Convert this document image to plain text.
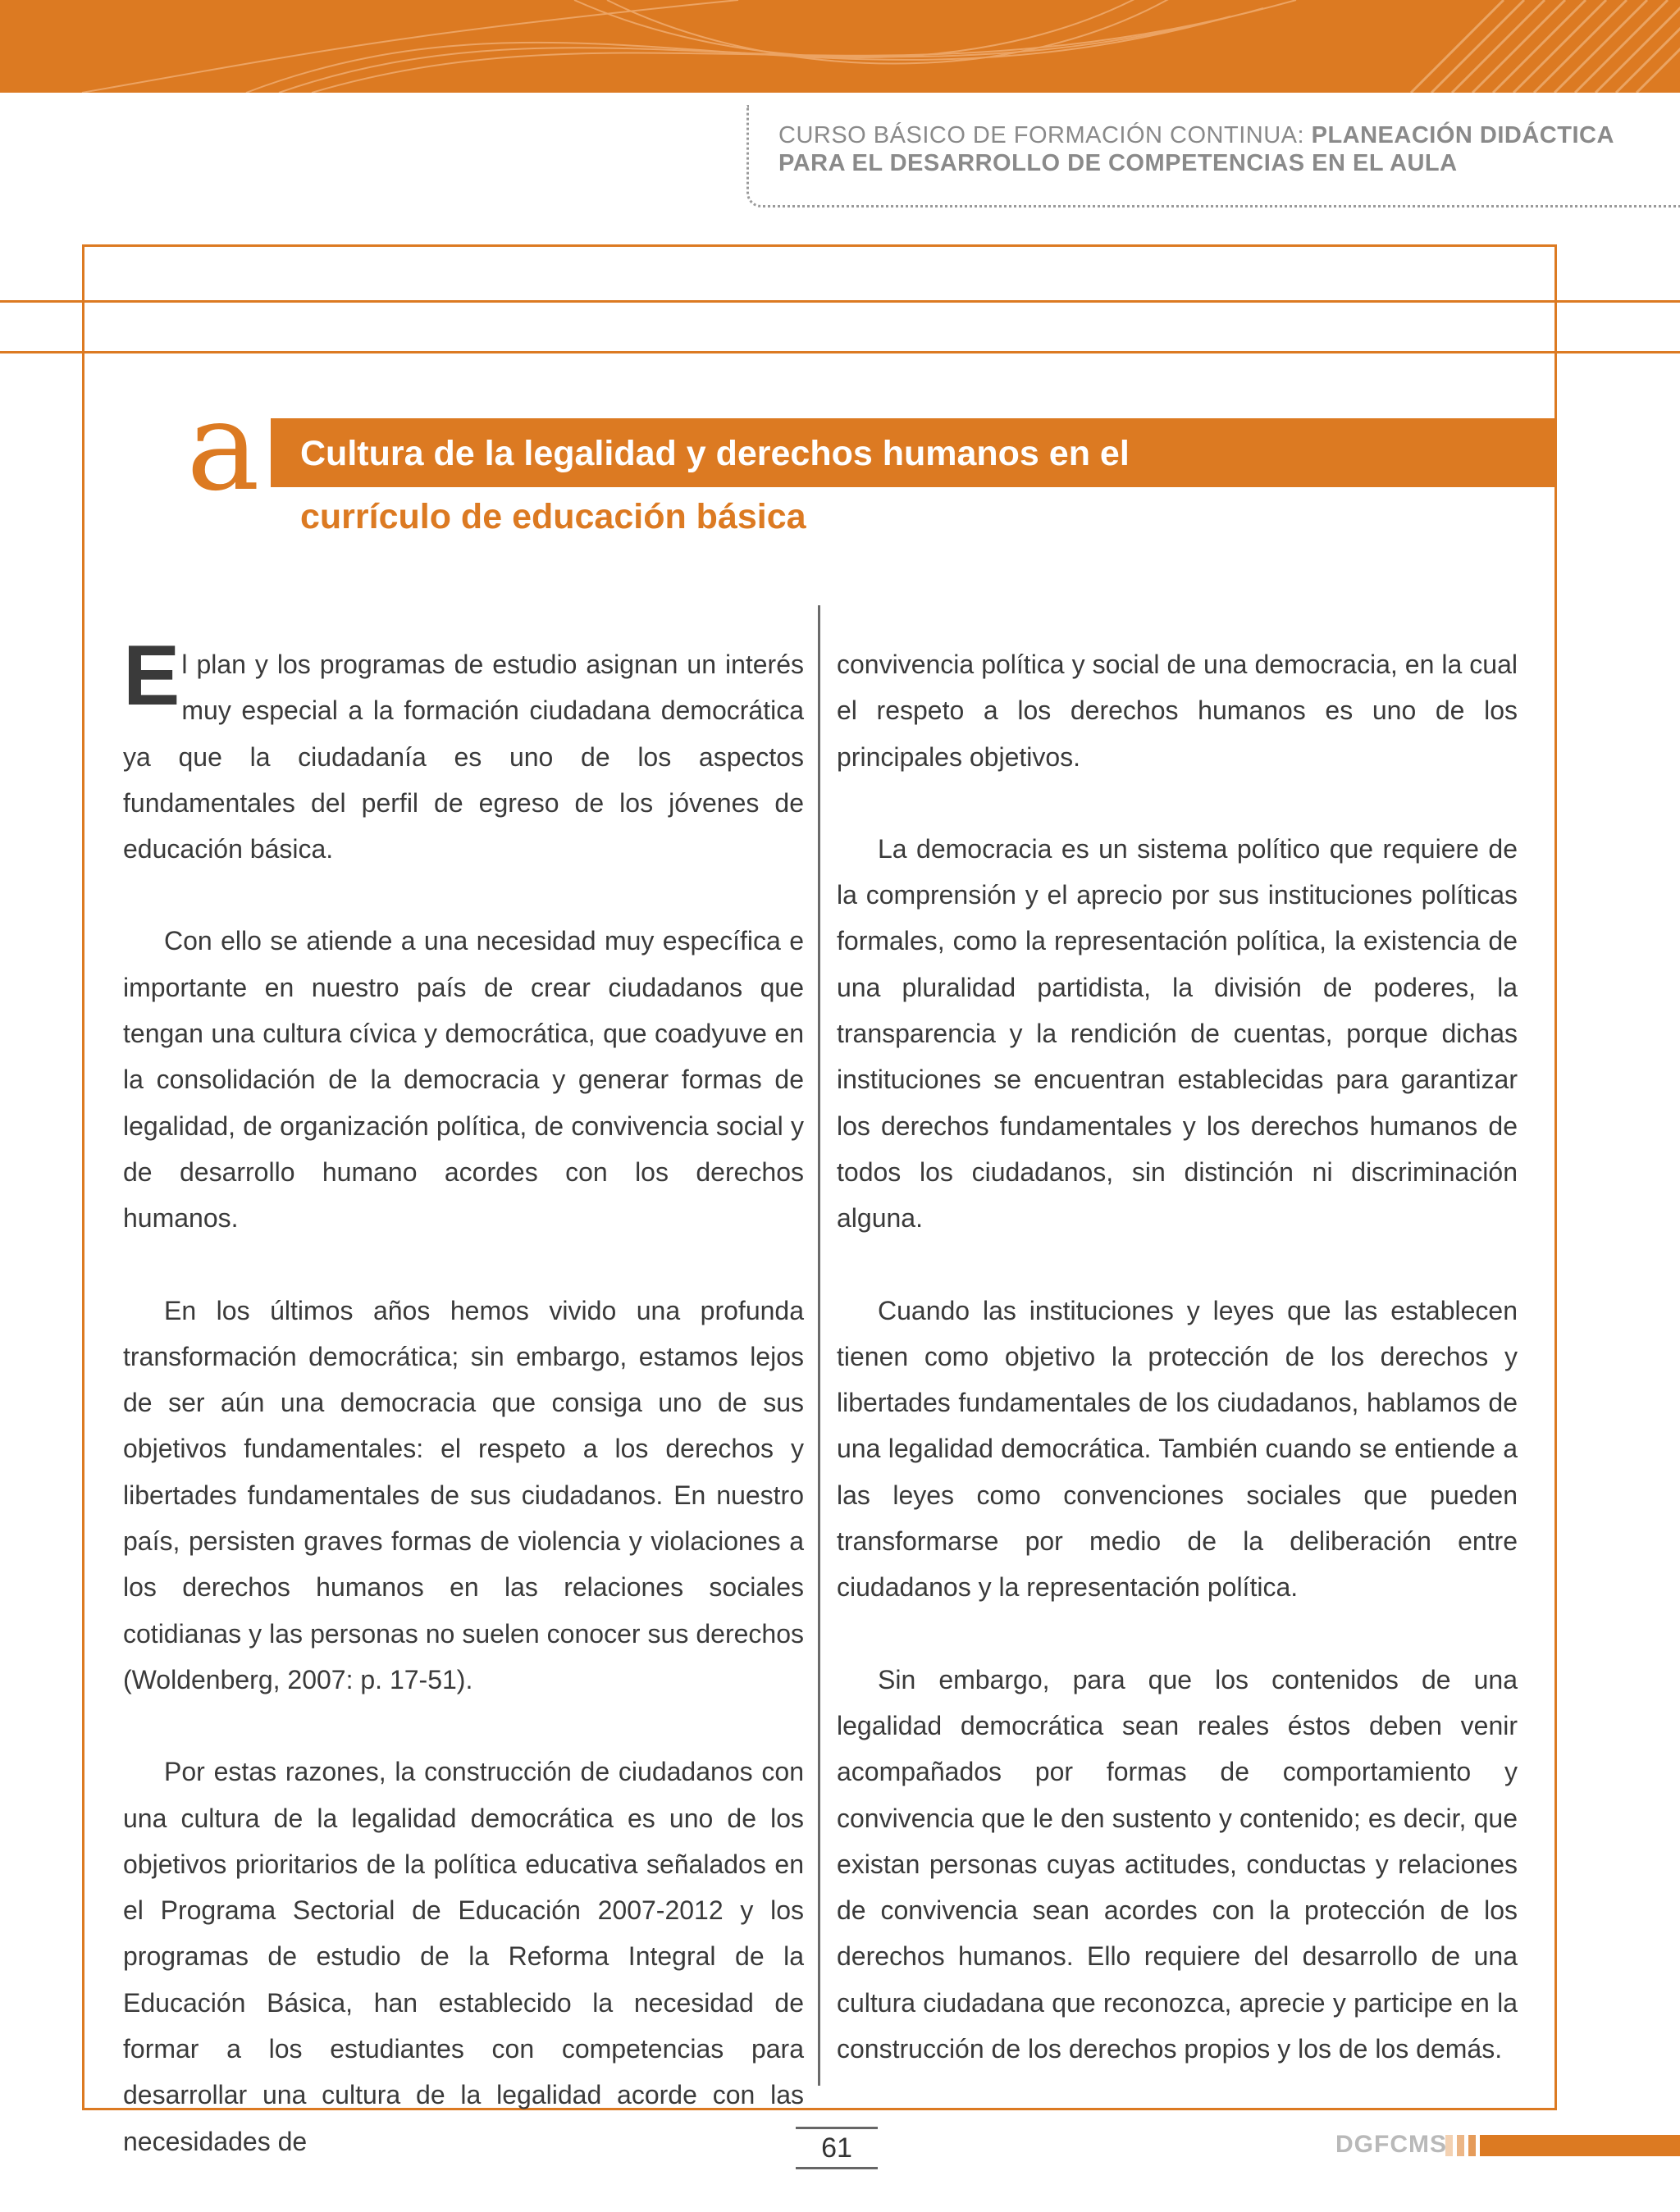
CURSO BÁSICO DE FORMACIÓN CONTINUA: PLANEACIÓN DIDÁCTICA
PARA EL DESARROLLO DE COMPETENCIAS EN EL AULA
a	Cultura de la legalidad y derechos humanos en el
currículo de educación básica

El plan y los programas de estudio asignan un interés muy especial a la formación ciudadana democrática ya que la ciudadanía es uno de los aspectos fundamentales del perfil de egreso de los jóvenes de educación básica.

Con ello se atiende a una necesidad muy específica e importante en nuestro país de crear ciudadanos que tengan una cultura cívica y democrática, que coadyuve en la consolidación de la democracia y generar formas de legalidad, de organización política, de convivencia social y de desarrollo humano acordes con los derechos humanos.

En los últimos años hemos vivido una profunda transformación democrática; sin embargo, estamos lejos de ser aún una democracia que consiga uno de sus objetivos fundamentales: el respeto a los derechos y libertades fundamentales de sus ciudadanos. En nuestro país, persisten graves formas de violencia y violaciones a los derechos humanos en las relaciones sociales cotidianas y las personas no suelen conocer sus derechos (Woldenberg, 2007: p. 17-51).

Por estas razones, la construcción de ciudadanos con una cultura de la legalidad democrática es uno de los objetivos prioritarios de la política educativa señalados en el Programa Sectorial de Educación 2007-2012 y los programas de estudio de la Reforma Integral de la Educación Básica, han establecido la necesidad de formar a los estudiantes con competencias para desarrollar una cultura de la legalidad acorde con las necesidades de

convivencia política y social de una democracia, en la cual el respeto a los derechos humanos es uno de los principales objetivos.

La democracia es un sistema político que requiere de la comprensión y el aprecio por sus instituciones políticas formales, como la representación política, la existencia de una pluralidad partidista, la división de poderes, la transparencia y la rendición de cuentas, porque dichas instituciones se encuentran establecidas para garantizar los derechos fundamentales y los derechos humanos de todos los ciudadanos, sin distinción ni discriminación alguna.

Cuando las instituciones y leyes que las establecen tienen como objetivo la protección de los derechos y libertades fundamentales de los ciudadanos, hablamos de una legalidad democrática. También cuando se entiende a las leyes como convenciones sociales que pueden transformarse por medio de la deliberación entre ciudadanos y la representación política.

Sin embargo, para que los contenidos de una legalidad democrática sean reales éstos deben venir acompañados por formas de comportamiento y convivencia que le den sustento y contenido; es decir, que existan personas cuyas actitudes, conductas y relaciones de convivencia sean acordes con la protección de los derechos humanos. Ello requiere del desarrollo de una cultura ciudadana que reconozca, aprecie y participe en la construcción de los derechos propios y los de los demás.

61	DGFCMS
